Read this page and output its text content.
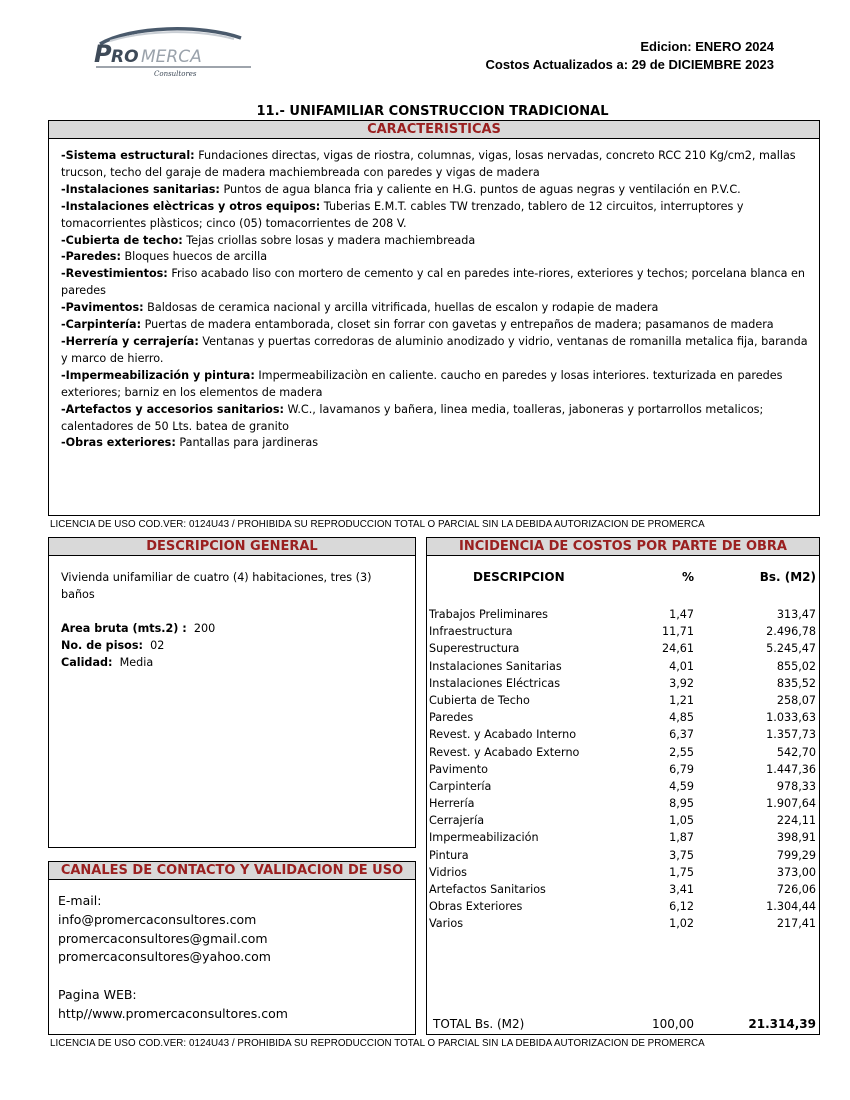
P RO MERCA
Consultores
Edicion: ENERO 2024
Costos Actualizados a: 29 de DICIEMBRE 2023
11.- UNIFAMILIAR CONSTRUCCION TRADICIONAL
CARACTERISTICAS

-Sistema estructural: Fundaciones directas, vigas de riostra, columnas, vigas, losas nervadas, concreto RCC 210 Kg/cm2, mallas trucson, techo del garaje de madera machiembreada con paredes y vigas de madera

-Instalaciones sanitarias: Puntos de agua blanca fria y caliente en H.G. puntos de aguas negras y ventilación en P.V.C.

-Instalaciones elèctricas y otros equipos: Tuberias E.M.T. cables TW trenzado, tablero de 12 circuitos, interruptores y tomacorrientes plàsticos; cinco (05) tomacorrientes de 208 V.

-Cubierta de techo: Tejas criollas sobre losas y madera machiembreada

-Paredes: Bloques huecos de arcilla

-Revestimientos: Friso acabado liso con mortero de cemento y cal en paredes inte-riores, exteriores y techos; porcelana blanca en paredes

-Pavimentos: Baldosas de ceramica nacional y arcilla vitrificada, huellas de escalon y rodapie de madera

-Carpintería: Puertas de madera entamborada, closet sin forrar con gavetas y entrepaños de madera; pasamanos de madera

-Herrería y cerrajería: Ventanas y puertas corredoras de aluminio anodizado y vidrio, ventanas de romanilla metalica fija, baranda y marco de hierro.

-Impermeabilización y pintura: Impermeabilizaciòn en caliente. caucho en paredes y losas interiores. texturizada en paredes exteriores; barniz en los elementos de madera

-Artefactos y accesorios sanitarios: W.C., lavamanos y bañera, linea media, toalleras, jaboneras y portarrollos metalicos; calentadores de 50 Lts. batea de granito

-Obras exteriores: Pantallas para jardineras

LICENCIA DE USO COD.VER: 0124U43 / PROHIBIDA SU REPRODUCCION TOTAL O PARCIAL SIN LA DEBIDA AUTORIZACION DE PROMERCA
DESCRIPCION GENERAL

Vivienda unifamiliar de cuatro (4) habitaciones, tres (3) baños

Area bruta (mts.2) :  200

No. de pisos:  02

Calidad:  Media

CANALES DE CONTACTO Y VALIDACION DE USO
E-mail:
info@promercaconsultores.com
promercaconsultores@gmail.com
promercaconsultores@yahoo.com
Pagina WEB:
http//www.promercaconsultores.com
INCIDENCIA DE COSTOS POR PARTE DE OBRA
DESCRIPCION	%	Bs. (M2)
Trabajos Preliminares	1,47	313,47
Infraestructura	11,71	2.496,78
Superestructura	24,61	5.245,47
Instalaciones Sanitarias	4,01	855,02
Instalaciones Eléctricas	3,92	835,52
Cubierta de Techo	1,21	258,07
Paredes	4,85	1.033,63
Revest. y Acabado Interno	6,37	1.357,73
Revest. y Acabado Externo	2,55	542,70
Pavimento	6,79	1.447,36
Carpintería	4,59	978,33
Herrería	8,95	1.907,64
Cerrajería	1,05	224,11
Impermeabilización	1,87	398,91
Pintura	3,75	799,29
Vidrios	1,75	373,00
Artefactos Sanitarios	3,41	726,06
Obras Exteriores	6,12	1.304,44
Varios	1,02	217,41
TOTAL Bs. (M2)	100,00	21.314,39
LICENCIA DE USO COD.VER: 0124U43 / PROHIBIDA SU REPRODUCCION TOTAL O PARCIAL SIN LA DEBIDA AUTORIZACION DE PROMERCA
